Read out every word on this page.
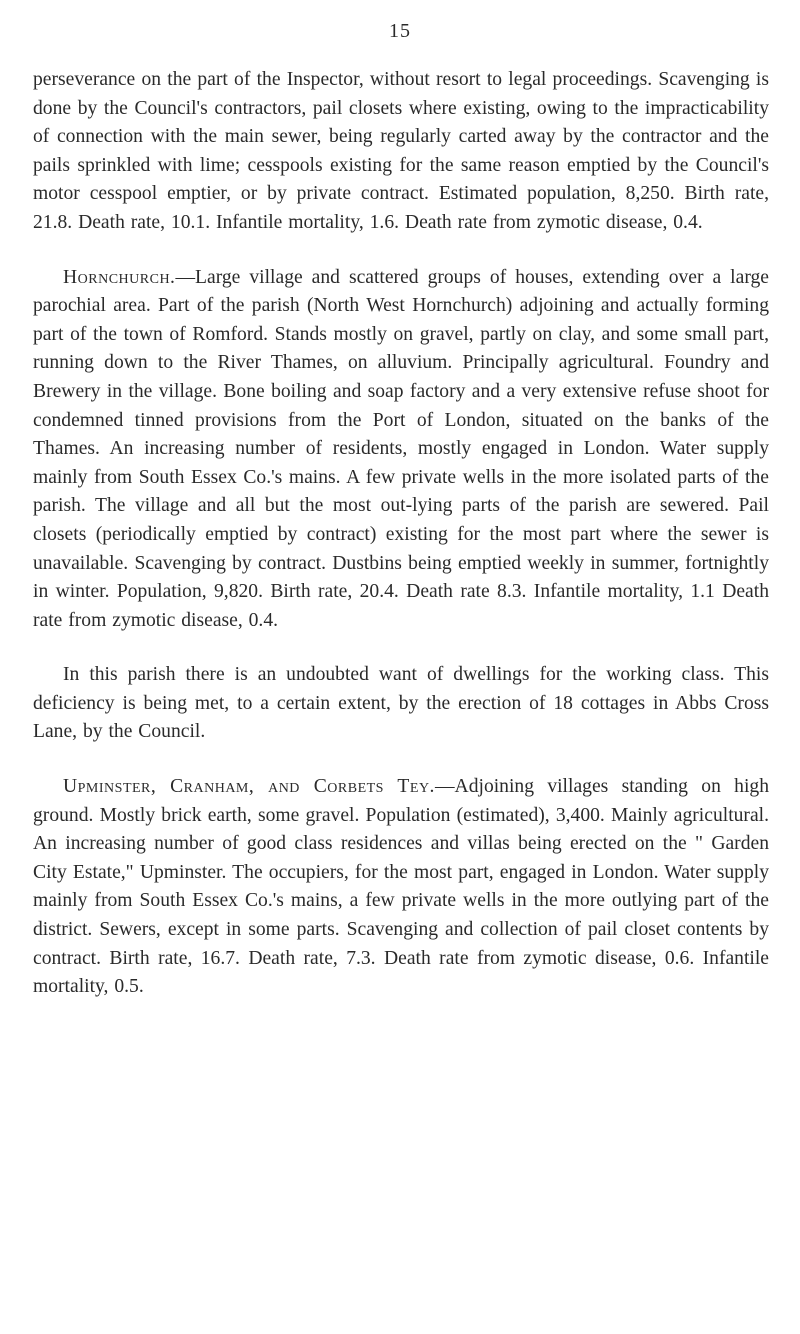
15

perseverance on the part of the Inspector, without resort to legal proceedings. Scavenging is done by the Council's contractors, pail closets where existing, owing to the impracticability of connection with the main sewer, being regularly carted away by the contractor and the pails sprinkled with lime; cesspools existing for the same reason emptied by the Council's motor cesspool emptier, or by private contract. Estimated population, 8,250. Birth rate, 21.8. Death rate, 10.1. Infantile mortality, 1.6. Death rate from zymotic disease, 0.4.

Hornchurch.—Large village and scattered groups of houses, extending over a large parochial area. Part of the parish (North West Hornchurch) adjoining and actually forming part of the town of Romford. Stands mostly on gravel, partly on clay, and some small part, running down to the River Thames, on alluvium. Principally agricultural. Foundry and Brewery in the village. Bone boiling and soap factory and a very extensive refuse shoot for condemned tinned provisions from the Port of London, situated on the banks of the Thames. An increasing number of residents, mostly engaged in London. Water supply mainly from South Essex Co.'s mains. A few private wells in the more isolated parts of the parish. The village and all but the most out-lying parts of the parish are sewered. Pail closets (periodically emptied by contract) existing for the most part where the sewer is unavailable. Scavenging by contract. Dustbins being emptied weekly in summer, fortnightly in winter. Population, 9,820. Birth rate, 20.4. Death rate 8.3. Infantile mortality, 1.1 Death rate from zymotic disease, 0.4.

In this parish there is an undoubted want of dwellings for the working class. This deficiency is being met, to a certain extent, by the erection of 18 cottages in Abbs Cross Lane, by the Council.

Upminster, Cranham, and Corbets Tey.—Adjoining villages standing on high ground. Mostly brick earth, some gravel. Population (estimated), 3,400. Mainly agricultural. An increasing number of good class residences and villas being erected on the " Garden City Estate," Upminster. The occupiers, for the most part, engaged in London. Water supply mainly from South Essex Co.'s mains, a few private wells in the more outlying part of the district. Sewers, except in some parts. Scavenging and collection of pail closet contents by contract. Birth rate, 16.7. Death rate, 7.3. Death rate from zymotic disease, 0.6. Infantile mortality, 0.5.
